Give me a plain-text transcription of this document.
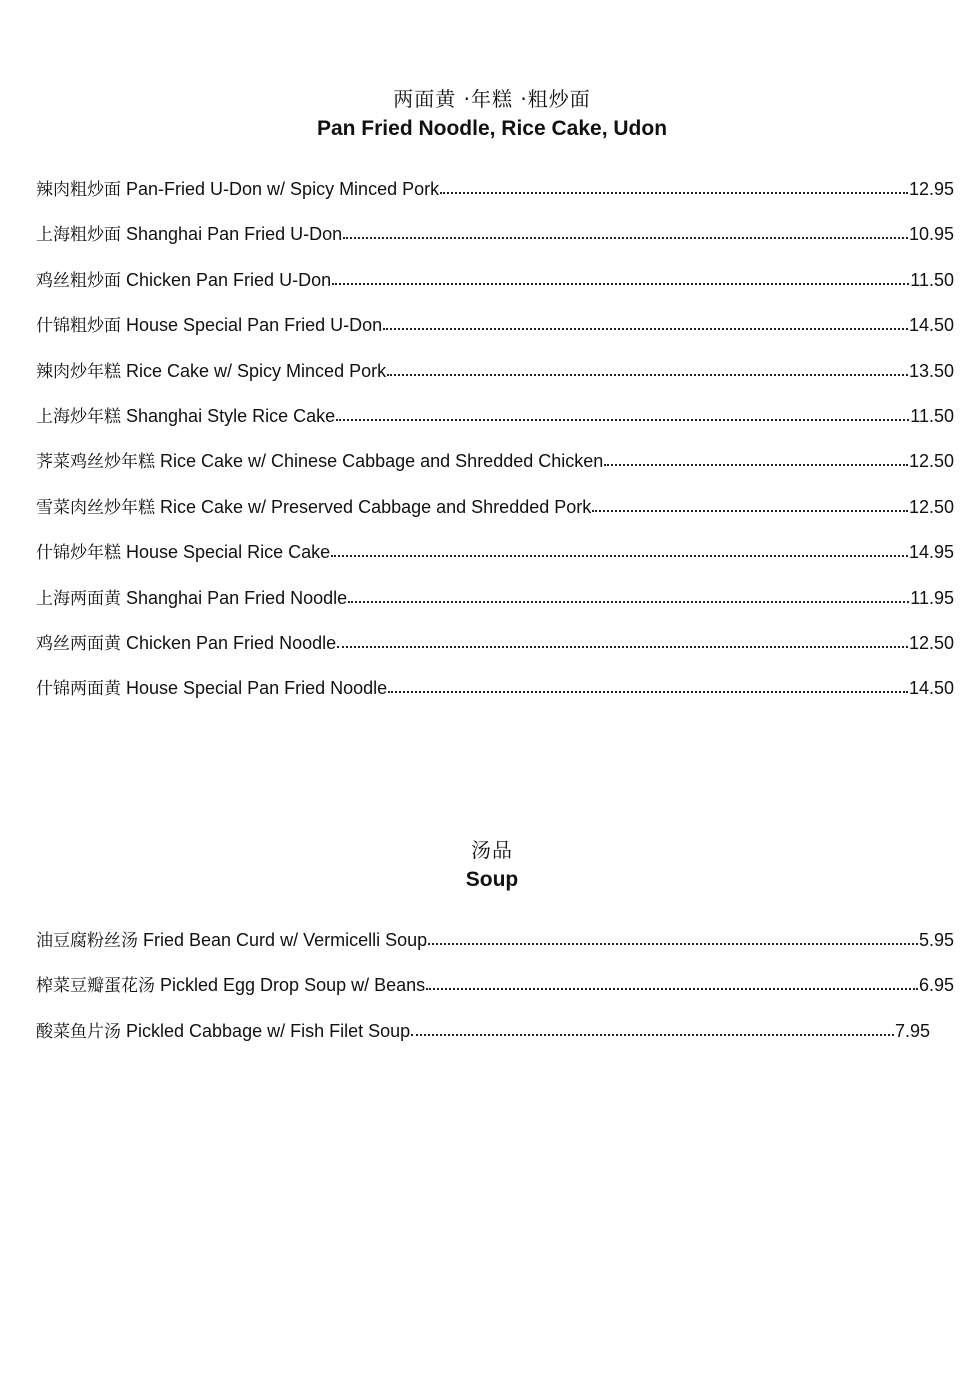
两面黄 ·年糕 ·粗炒面
Pan Fried Noodle, Rice Cake, Udon
辣肉粗炒面 Pan-Fried U-Don w/ Spicy Minced Pork	12.95
上海粗炒面 Shanghai Pan Fried U-Don	10.95
鸡丝粗炒面 Chicken Pan Fried U-Don	11.50
什锦粗炒面 House Special Pan Fried U-Don	14.50
辣肉炒年糕 Rice Cake w/ Spicy Minced Pork	13.50
上海炒年糕 Shanghai Style Rice Cake	11.50
荠菜鸡丝炒年糕 Rice Cake w/ Chinese Cabbage and Shredded Chicken	12.50
雪菜肉丝炒年糕 Rice Cake w/ Preserved Cabbage and Shredded Pork	12.50
什锦炒年糕 House Special Rice Cake	14.95
上海两面黄 Shanghai Pan Fried Noodle	11.95
鸡丝两面黄 Chicken Pan Fried Noodle	12.50
什锦两面黄 House Special Pan Fried Noodle	14.50
汤品
Soup
油豆腐粉丝汤 Fried Bean Curd w/ Vermicelli Soup	5.95
榨菜豆瓣蛋花汤 Pickled Egg Drop Soup w/ Beans	6.95
酸菜鱼片汤 Pickled Cabbage w/ Fish Filet Soup	7.95
